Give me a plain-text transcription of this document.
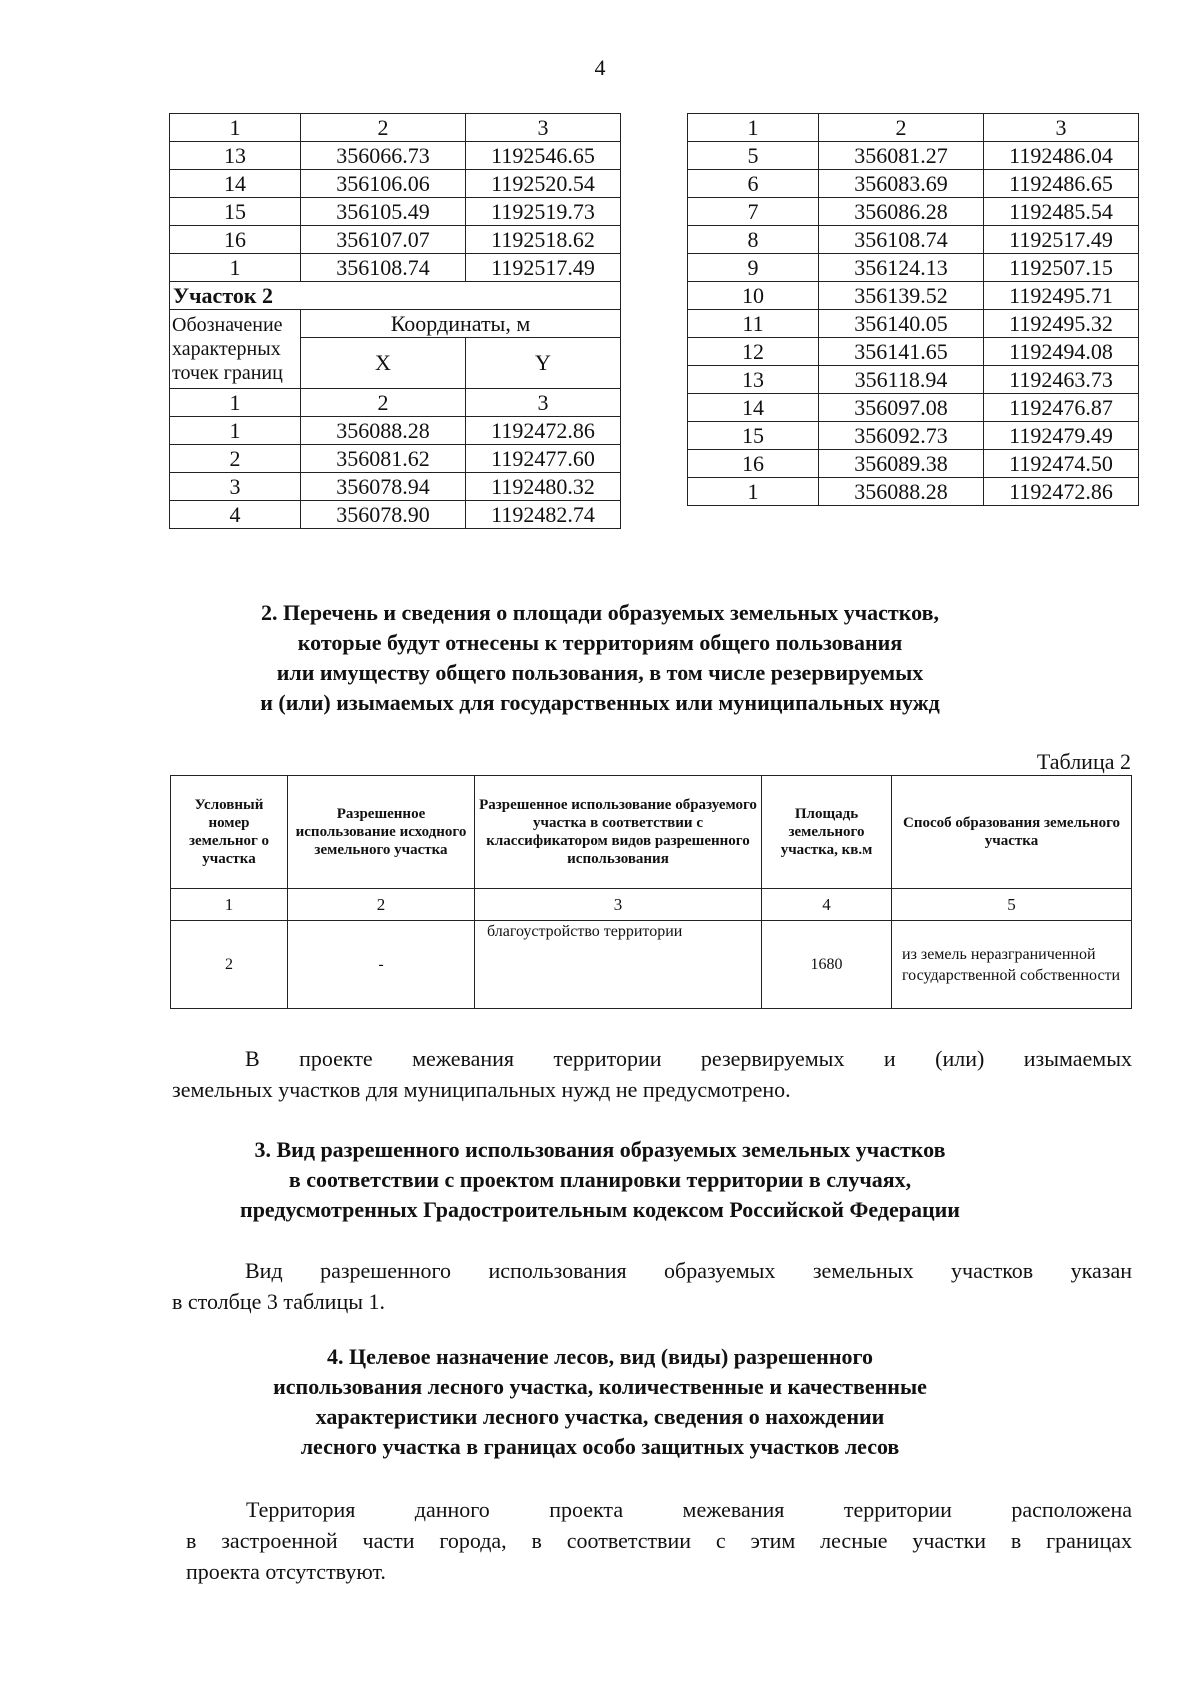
4
1	2	3
13	356066.73	1192546.65
14	356106.06	1192520.54
15	356105.49	1192519.73
16	356107.07	1192518.62
1	356108.74	1192517.49
Участок 2		

Обозначение
характерных
точек границ	Координаты, м	
	X	Y
1	2	3
1	356088.28	1192472.86
2	356081.62	1192477.60
3	356078.94	1192480.32
4	356078.90	1192482.74
1	2	3
5	356081.27	1192486.04
6	356083.69	1192486.65
7	356086.28	1192485.54
8	356108.74	1192517.49
9	356124.13	1192507.15
10	356139.52	1192495.71
11	356140.05	1192495.32
12	356141.65	1192494.08
13	356118.94	1192463.73
14	356097.08	1192476.87
15	356092.73	1192479.49
16	356089.38	1192474.50
1	356088.28	1192472.86
2. Перечень и сведения о площади образуемых земельных участков,
которые будут отнесены к территориям общего пользования
или имуществу общего пользования, в том числе резервируемых
и (или) изымаемых для государственных или муниципальных нужд
Таблица 2
Условный номер земельног о участка	Разрешенное использование исходного земельного участка	Разрешенное использование образуемого участка в соответствии с классификатором видов разрешенного использования	Площадь земельного участка, кв.м	Способ образования земельного участка
1	2	3	4	5
2	-	благоустройство территории	1680	из земель неразграниченной государственной собственности
В проекте межевания территории резервируемых и (или) изымаемых
земельных участков для муниципальных нужд не предусмотрено.
3. Вид разрешенного использования образуемых земельных участков
в соответствии с проектом планировки территории в случаях,
предусмотренных Градостроительным кодексом Российской Федерации
Вид разрешенного использования образуемых земельных участков указан
в столбце 3 таблицы 1.
4. Целевое назначение лесов, вид (виды) разрешенного
использования лесного участка, количественные и качественные
характеристики лесного участка, сведения о нахождении
лесного участка в границах особо защитных участков лесов
Территория данного проекта межевания территории расположена
в застроенной части города, в соответствии с этим лесные участки в границах
проекта отсутствуют.
